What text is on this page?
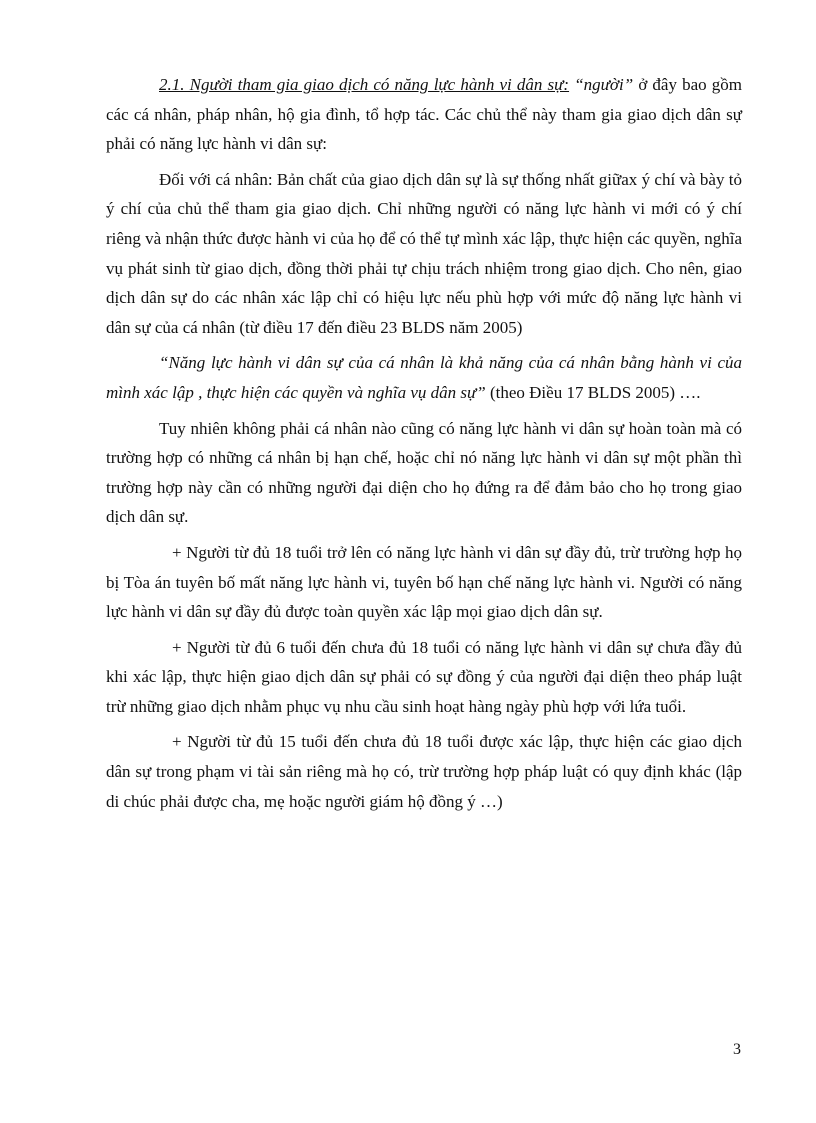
2.1. Người tham gia giao dịch có năng lực hành vi dân sự: “người” ở đây bao gồm các cá nhân, pháp nhân, hộ gia đình, tổ hợp tác. Các chủ thể này tham gia giao dịch dân sự phải có năng lực hành vi dân sự:

Đối với cá nhân: Bản chất của giao dịch dân sự là sự thống nhất giữax ý chí và bày tỏ ý chí của chủ thể tham gia giao dịch. Chỉ những người có năng lực hành vi mới có ý chí riêng và nhận thức được hành vi của họ để có thể tự mình xác lập, thực hiện các quyền, nghĩa vụ phát sinh từ giao dịch, đồng thời phải tự chịu trách nhiệm trong giao dịch. Cho nên, giao dịch dân sự do các nhân xác lập chỉ có hiệu lực nếu phù hợp với mức độ năng lực hành vi dân sự của cá nhân (từ điều 17 đến điều 23 BLDS năm 2005)

“Năng lực hành vi dân sự của cá nhân là khả năng của cá nhân bằng hành vi của mình xác lập , thực hiện các quyền và nghĩa vụ dân sự” (theo Điều 17 BLDS 2005) ….

Tuy nhiên không phải cá nhân nào cũng có năng lực hành vi dân sự hoàn toàn mà có trường hợp có những cá nhân bị hạn chế, hoặc chỉ nó năng lực hành vi dân sự một phần thì trường hợp này cần có những người đại diện cho họ đứng ra để đảm bảo cho họ trong giao dịch dân sự.

+ Người từ đủ 18 tuổi trở lên có năng lực hành vi dân sự đầy đủ, trừ trường hợp họ bị Tòa án tuyên bố mất năng lực hành vi, tuyên bố hạn chế năng lực hành vi. Người có năng lực hành vi dân sự đầy đủ được toàn quyền xác lập mọi giao dịch dân sự.

+ Người từ đủ 6 tuổi đến chưa đủ 18 tuổi có năng lực hành vi dân sự chưa đầy đủ khi xác lập, thực hiện giao dịch dân sự phải có sự đồng ý của người đại diện theo pháp luật trừ những giao dịch nhằm phục vụ nhu cầu sinh hoạt hàng ngày phù hợp với lứa tuổi.

+ Người từ đủ 15 tuổi đến chưa đủ 18 tuổi được xác lập, thực hiện các giao dịch dân sự trong phạm vi tài sản riêng mà họ có, trừ trường hợp pháp luật có quy định khác (lập di chúc phải được cha, mẹ hoặc người giám hộ đồng ý …)

3
